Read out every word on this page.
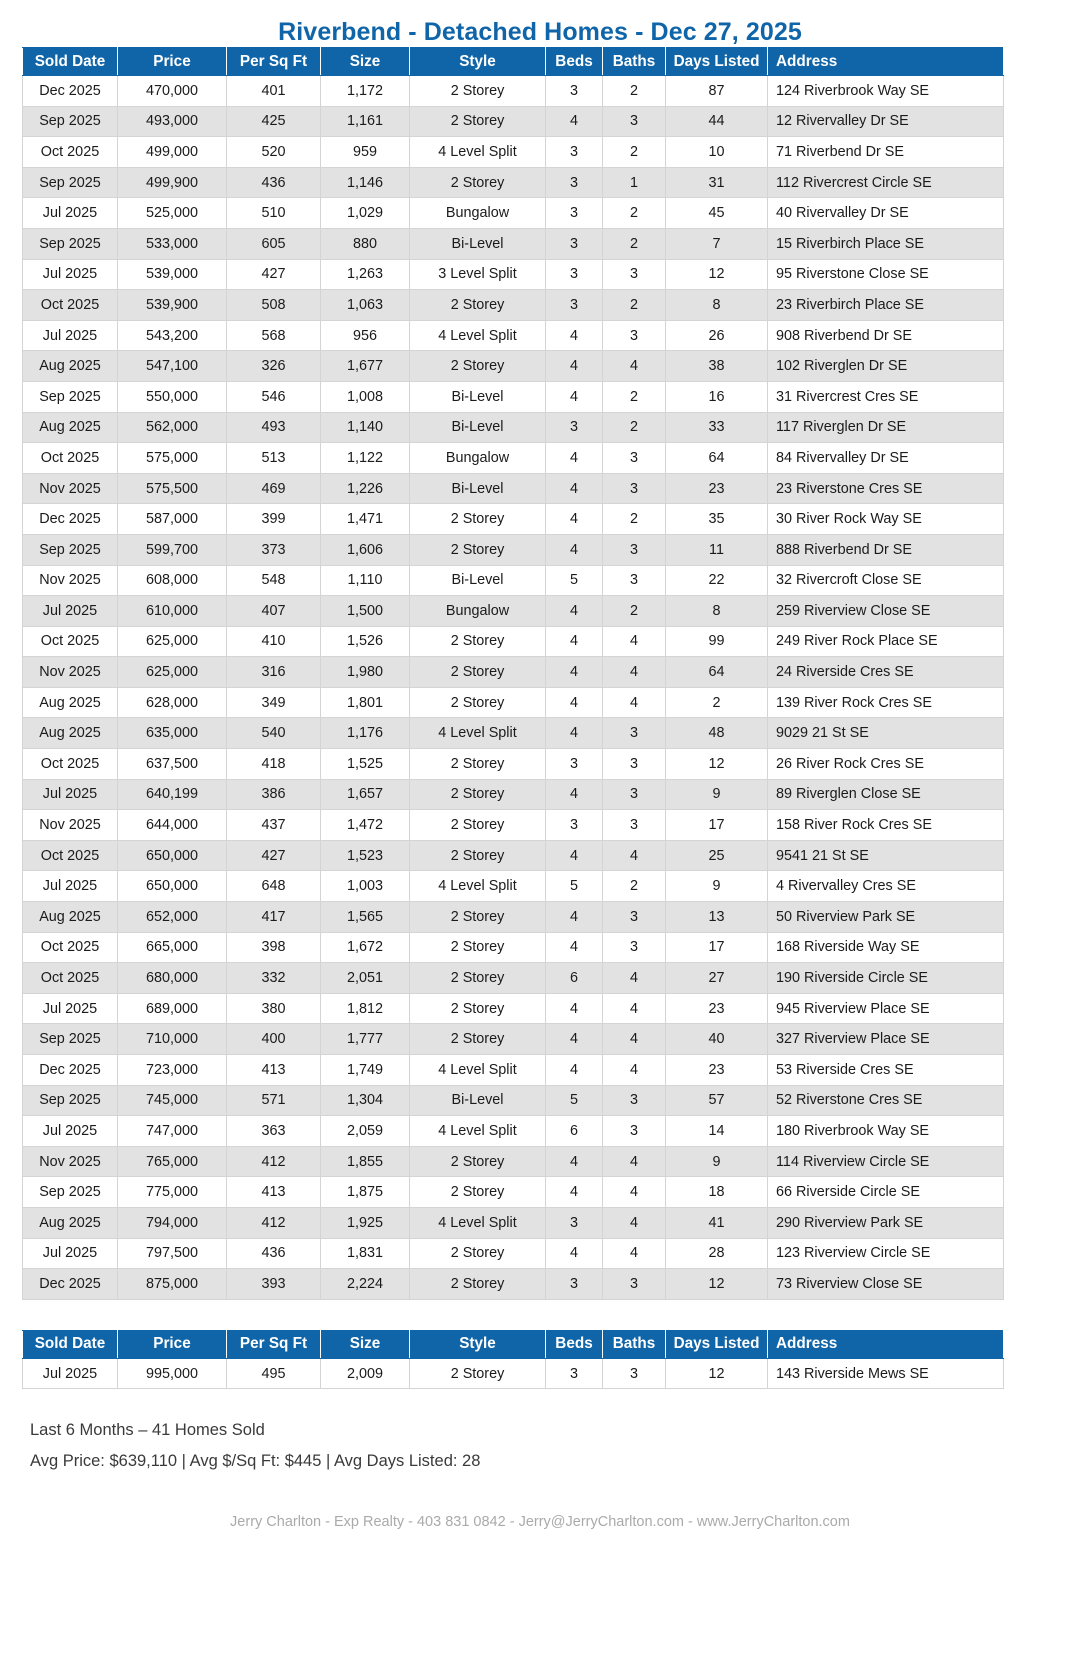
Riverbend - Detached Homes - Dec 27, 2025
Sold Date	Price	Per Sq Ft	Size	Style	Beds	Baths	Days Listed	Address
Dec 2025	470,000	401	1,172	2 Storey	3	2	87	124 Riverbrook Way SE
Sep 2025	493,000	425	1,161	2 Storey	4	3	44	12 Rivervalley Dr SE
Oct 2025	499,000	520	959	4 Level Split	3	2	10	71 Riverbend Dr SE
Sep 2025	499,900	436	1,146	2 Storey	3	1	31	112 Rivercrest Circle SE
Jul 2025	525,000	510	1,029	Bungalow	3	2	45	40 Rivervalley Dr SE
Sep 2025	533,000	605	880	Bi-Level	3	2	7	15 Riverbirch Place SE
Jul 2025	539,000	427	1,263	3 Level Split	3	3	12	95 Riverstone Close SE
Oct 2025	539,900	508	1,063	2 Storey	3	2	8	23 Riverbirch Place SE
Jul 2025	543,200	568	956	4 Level Split	4	3	26	908 Riverbend Dr SE
Aug 2025	547,100	326	1,677	2 Storey	4	4	38	102 Riverglen Dr SE
Sep 2025	550,000	546	1,008	Bi-Level	4	2	16	31 Rivercrest Cres SE
Aug 2025	562,000	493	1,140	Bi-Level	3	2	33	117 Riverglen Dr SE
Oct 2025	575,000	513	1,122	Bungalow	4	3	64	84 Rivervalley Dr SE
Nov 2025	575,500	469	1,226	Bi-Level	4	3	23	23 Riverstone Cres SE
Dec 2025	587,000	399	1,471	2 Storey	4	2	35	30 River Rock Way SE
Sep 2025	599,700	373	1,606	2 Storey	4	3	11	888 Riverbend Dr SE
Nov 2025	608,000	548	1,110	Bi-Level	5	3	22	32 Rivercroft Close SE
Jul 2025	610,000	407	1,500	Bungalow	4	2	8	259 Riverview Close SE
Oct 2025	625,000	410	1,526	2 Storey	4	4	99	249 River Rock Place SE
Nov 2025	625,000	316	1,980	2 Storey	4	4	64	24 Riverside Cres SE
Aug 2025	628,000	349	1,801	2 Storey	4	4	2	139 River Rock Cres SE
Aug 2025	635,000	540	1,176	4 Level Split	4	3	48	9029 21 St SE
Oct 2025	637,500	418	1,525	2 Storey	3	3	12	26 River Rock Cres SE
Jul 2025	640,199	386	1,657	2 Storey	4	3	9	89 Riverglen Close SE
Nov 2025	644,000	437	1,472	2 Storey	3	3	17	158 River Rock Cres SE
Oct 2025	650,000	427	1,523	2 Storey	4	4	25	9541 21 St SE
Jul 2025	650,000	648	1,003	4 Level Split	5	2	9	4 Rivervalley Cres SE
Aug 2025	652,000	417	1,565	2 Storey	4	3	13	50 Riverview Park SE
Oct 2025	665,000	398	1,672	2 Storey	4	3	17	168 Riverside Way SE
Oct 2025	680,000	332	2,051	2 Storey	6	4	27	190 Riverside Circle SE
Jul 2025	689,000	380	1,812	2 Storey	4	4	23	945 Riverview Place SE
Sep 2025	710,000	400	1,777	2 Storey	4	4	40	327 Riverview Place SE
Dec 2025	723,000	413	1,749	4 Level Split	4	4	23	53 Riverside Cres SE
Sep 2025	745,000	571	1,304	Bi-Level	5	3	57	52 Riverstone Cres SE
Jul 2025	747,000	363	2,059	4 Level Split	6	3	14	180 Riverbrook Way SE
Nov 2025	765,000	412	1,855	2 Storey	4	4	9	114 Riverview Circle SE
Sep 2025	775,000	413	1,875	2 Storey	4	4	18	66 Riverside Circle SE
Aug 2025	794,000	412	1,925	4 Level Split	3	4	41	290 Riverview Park SE
Jul 2025	797,500	436	1,831	2 Storey	4	4	28	123 Riverview Circle SE
Dec 2025	875,000	393	2,224	2 Storey	3	3	12	73 Riverview Close SE
Sold Date	Price	Per Sq Ft	Size	Style	Beds	Baths	Days Listed	Address
Jul 2025	995,000	495	2,009	2 Storey	3	3	12	143 Riverside Mews SE
Last 6 Months – 41 Homes Sold
Avg Price: $639,110 | Avg $/Sq Ft: $445 | Avg Days Listed: 28
Jerry Charlton - Exp Realty - 403 831 0842 - Jerry@JerryCharlton.com - www.JerryCharlton.com
